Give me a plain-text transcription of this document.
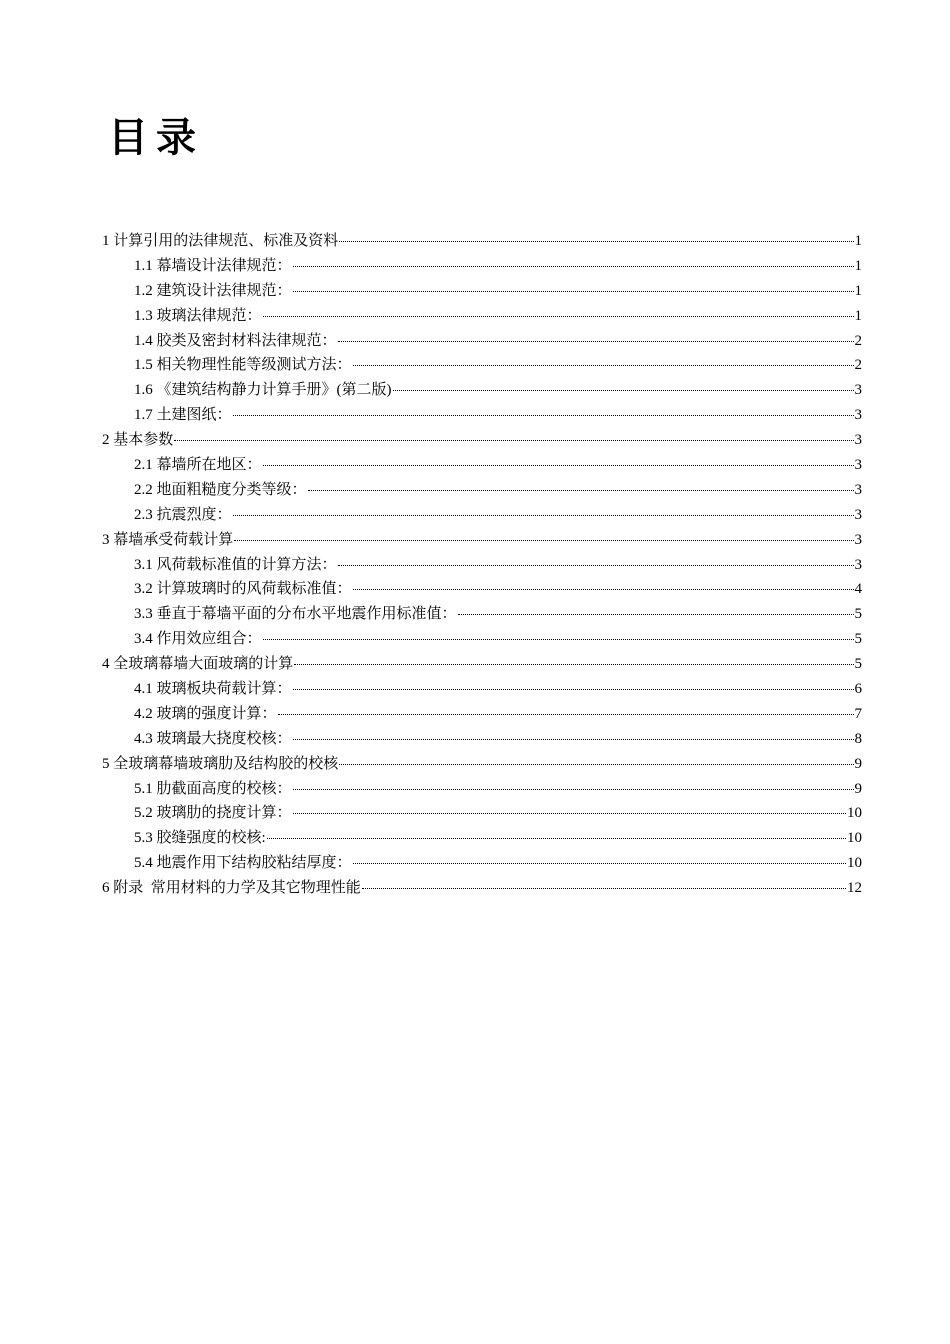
目录
1 计算引用的法律规范、标准及资料	1
1.1 幕墙设计法律规范：	1
1.2 建筑设计法律规范：	1
1.3 玻璃法律规范：	1
1.4 胶类及密封材料法律规范：	2
1.5 相关物理性能等级测试方法：	2
1.6 《建筑结构静力计算手册》(第二版)	3
1.7 土建图纸：	3
2 基本参数	3
2.1 幕墙所在地区：	3
2.2 地面粗糙度分类等级：	3
2.3 抗震烈度：	3
3 幕墙承受荷载计算	3
3.1 风荷载标准值的计算方法：	3
3.2 计算玻璃时的风荷载标准值：	4
3.3 垂直于幕墙平面的分布水平地震作用标准值：	5
3.4 作用效应组合：	5
4 全玻璃幕墙大面玻璃的计算	5
4.1 玻璃板块荷载计算：	6
4.2 玻璃的强度计算：	7
4.3 玻璃最大挠度校核：	8
5 全玻璃幕墙玻璃肋及结构胶的校核	9
5.1 肋截面高度的校核：	9
5.2 玻璃肋的挠度计算：	10
5.3 胶缝强度的校核:	10
5.4 地震作用下结构胶粘结厚度：	10
6 附录  常用材料的力学及其它物理性能	12
